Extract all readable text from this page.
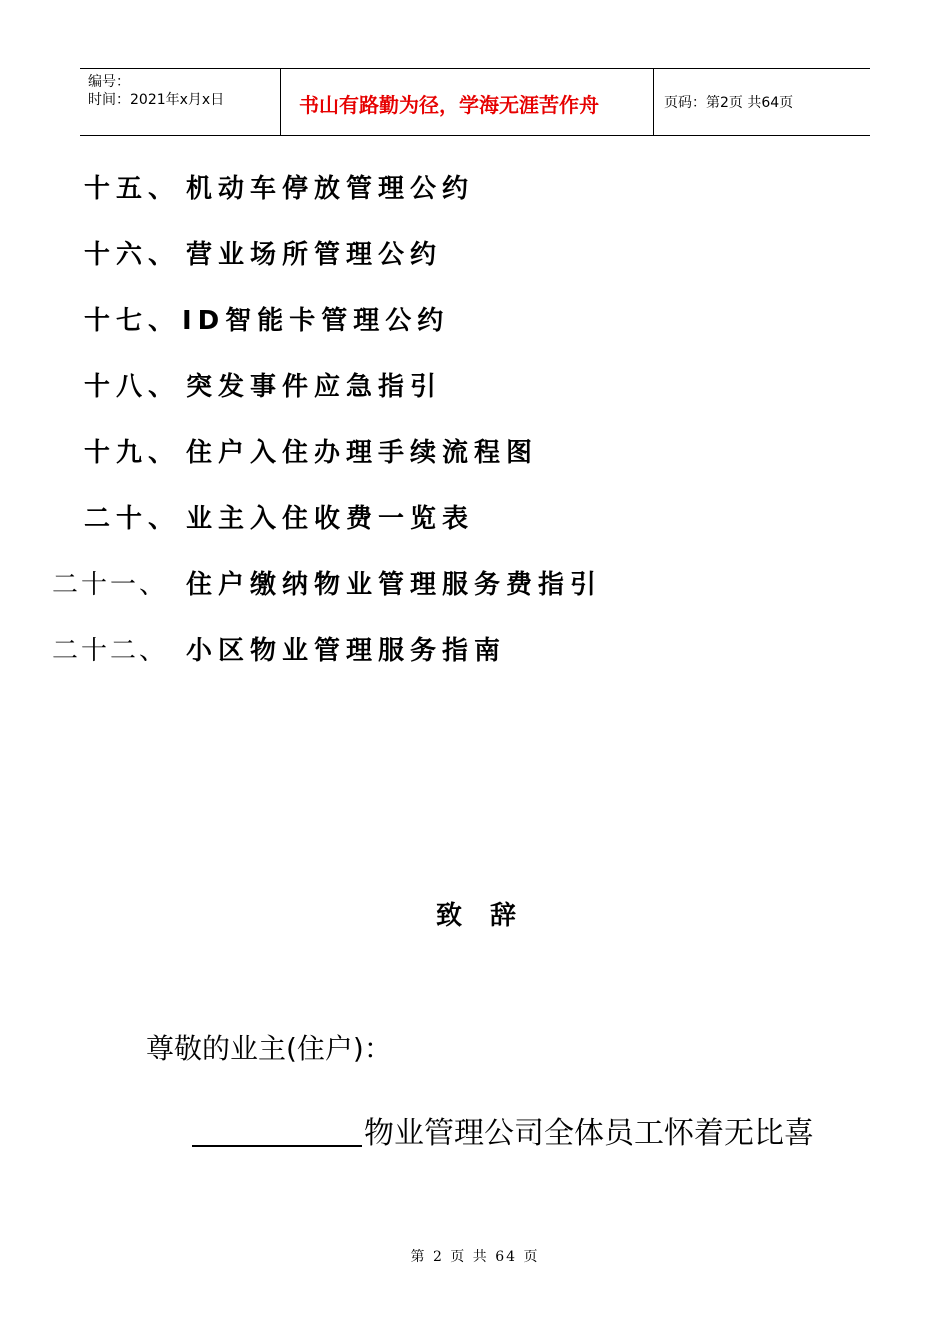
编号：
时间：2021年x月x日	书山有路勤为径，学海无涯苦作舟	页码：第2页 共64页
十五、 机动车停放管理公约
十六、 营业场所管理公约
十七、 ID智能卡管理公约
十八、 突发事件应急指引
十九、 住户入住办理手续流程图
二十、 业主入住收费一览表
二十一、 住户缴纳物业管理服务费指引
二十二、 小区物业管理服务指南
致辞
尊敬的业主(住户)：
物业管理公司全体员工怀着无比喜
第 2 页 共 64 页
